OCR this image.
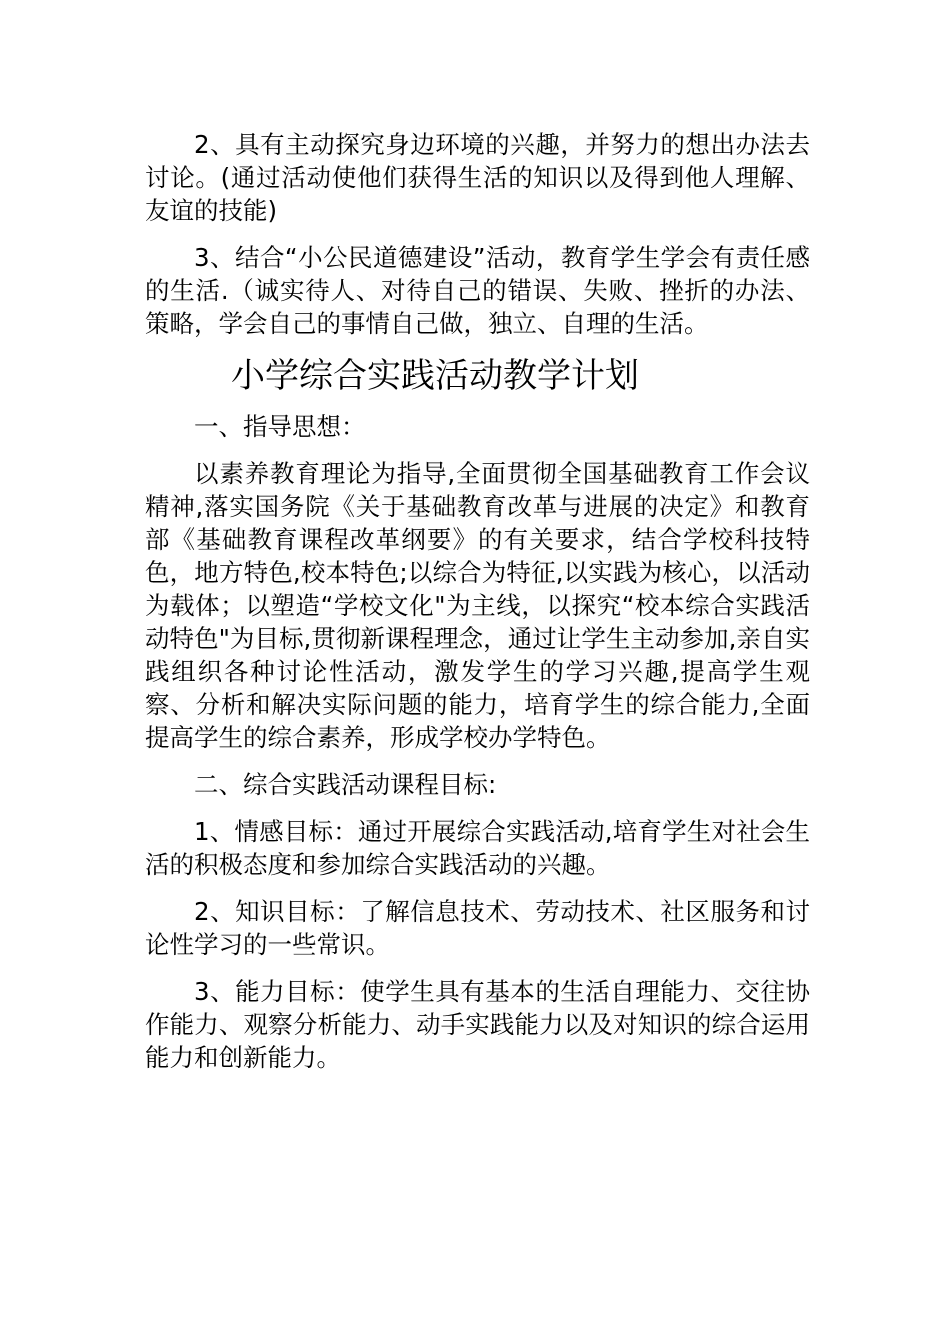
2、具有主动探究身边环境的兴趣，并努力的想出办法去讨论。(通过活动使他们获得生活的知识以及得到他人理解、友谊的技能)

3、结合“小公民道德建设”活动，教育学生学会有责任感的生活.（诚实待人、对待自己的错误、失败、挫折的办法、策略，学会自己的事情自己做，独立、自理的生活。

小学综合实践活动教学计划

一、指导思想：

以素养教育理论为指导,全面贯彻全国基础教育工作会议精神,落实国务院《关于基础教育改革与进展的决定》和教育部《基础教育课程改革纲要》的有关要求，结合学校科技特色，地方特色,校本特色;以综合为特征,以实践为核心，以活动为载体；以塑造“学校文化"为主线，以探究“校本综合实践活动特色"为目标,贯彻新课程理念，通过让学生主动参加,亲自实践组织各种讨论性活动，激发学生的学习兴趣,提高学生观察、分析和解决实际问题的能力，培育学生的综合能力,全面提高学生的综合素养，形成学校办学特色。

二、综合实践活动课程目标:

1、情感目标：通过开展综合实践活动,培育学生对社会生活的积极态度和参加综合实践活动的兴趣。

2、知识目标：了解信息技术、劳动技术、社区服务和讨论性学习的一些常识。

3、能力目标：使学生具有基本的生活自理能力、交往协作能力、观察分析能力、动手实践能力以及对知识的综合运用能力和创新能力。
